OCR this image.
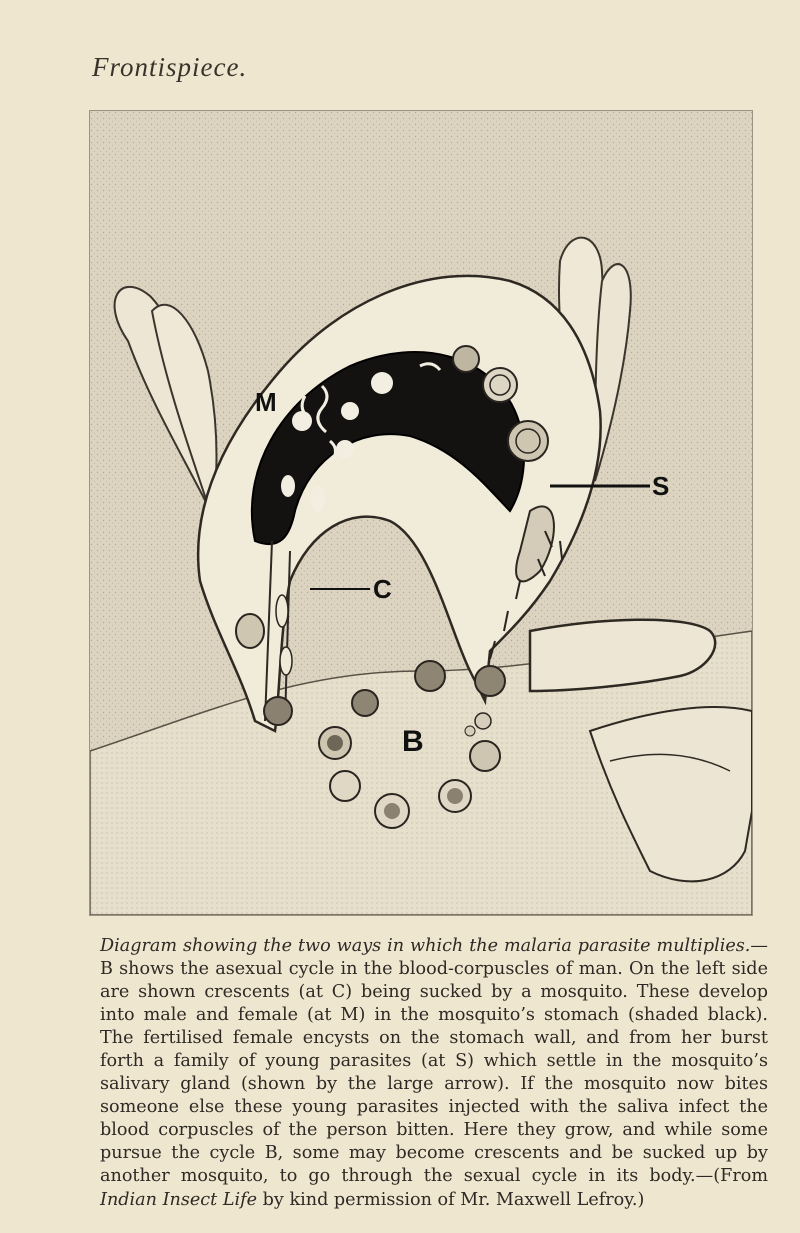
Frontispiece.
M
C
B
S
Diagram showing the two ways in which the malaria parasite multiplies.— B shows the asexual cycle in the blood-corpuscles of man. On the left side are shown crescents (at C) being sucked by a mosquito. These develop into male and female (at M) in the mosquito’s stomach (shaded black). The fertilised female encysts on the stomach wall, and from her burst forth a family of young parasites (at S) which settle in the mosquito’s salivary gland (shown by the large arrow). If the mosquito now bites someone else these young parasites injected with the saliva infect the blood corpuscles of the person bitten. Here they grow, and while some pursue the cycle B, some may become crescents and be sucked up by another mosquito, to go through the sexual cycle in its body.—(From Indian Insect Life by kind permission of Mr. Maxwell Lefroy.)
